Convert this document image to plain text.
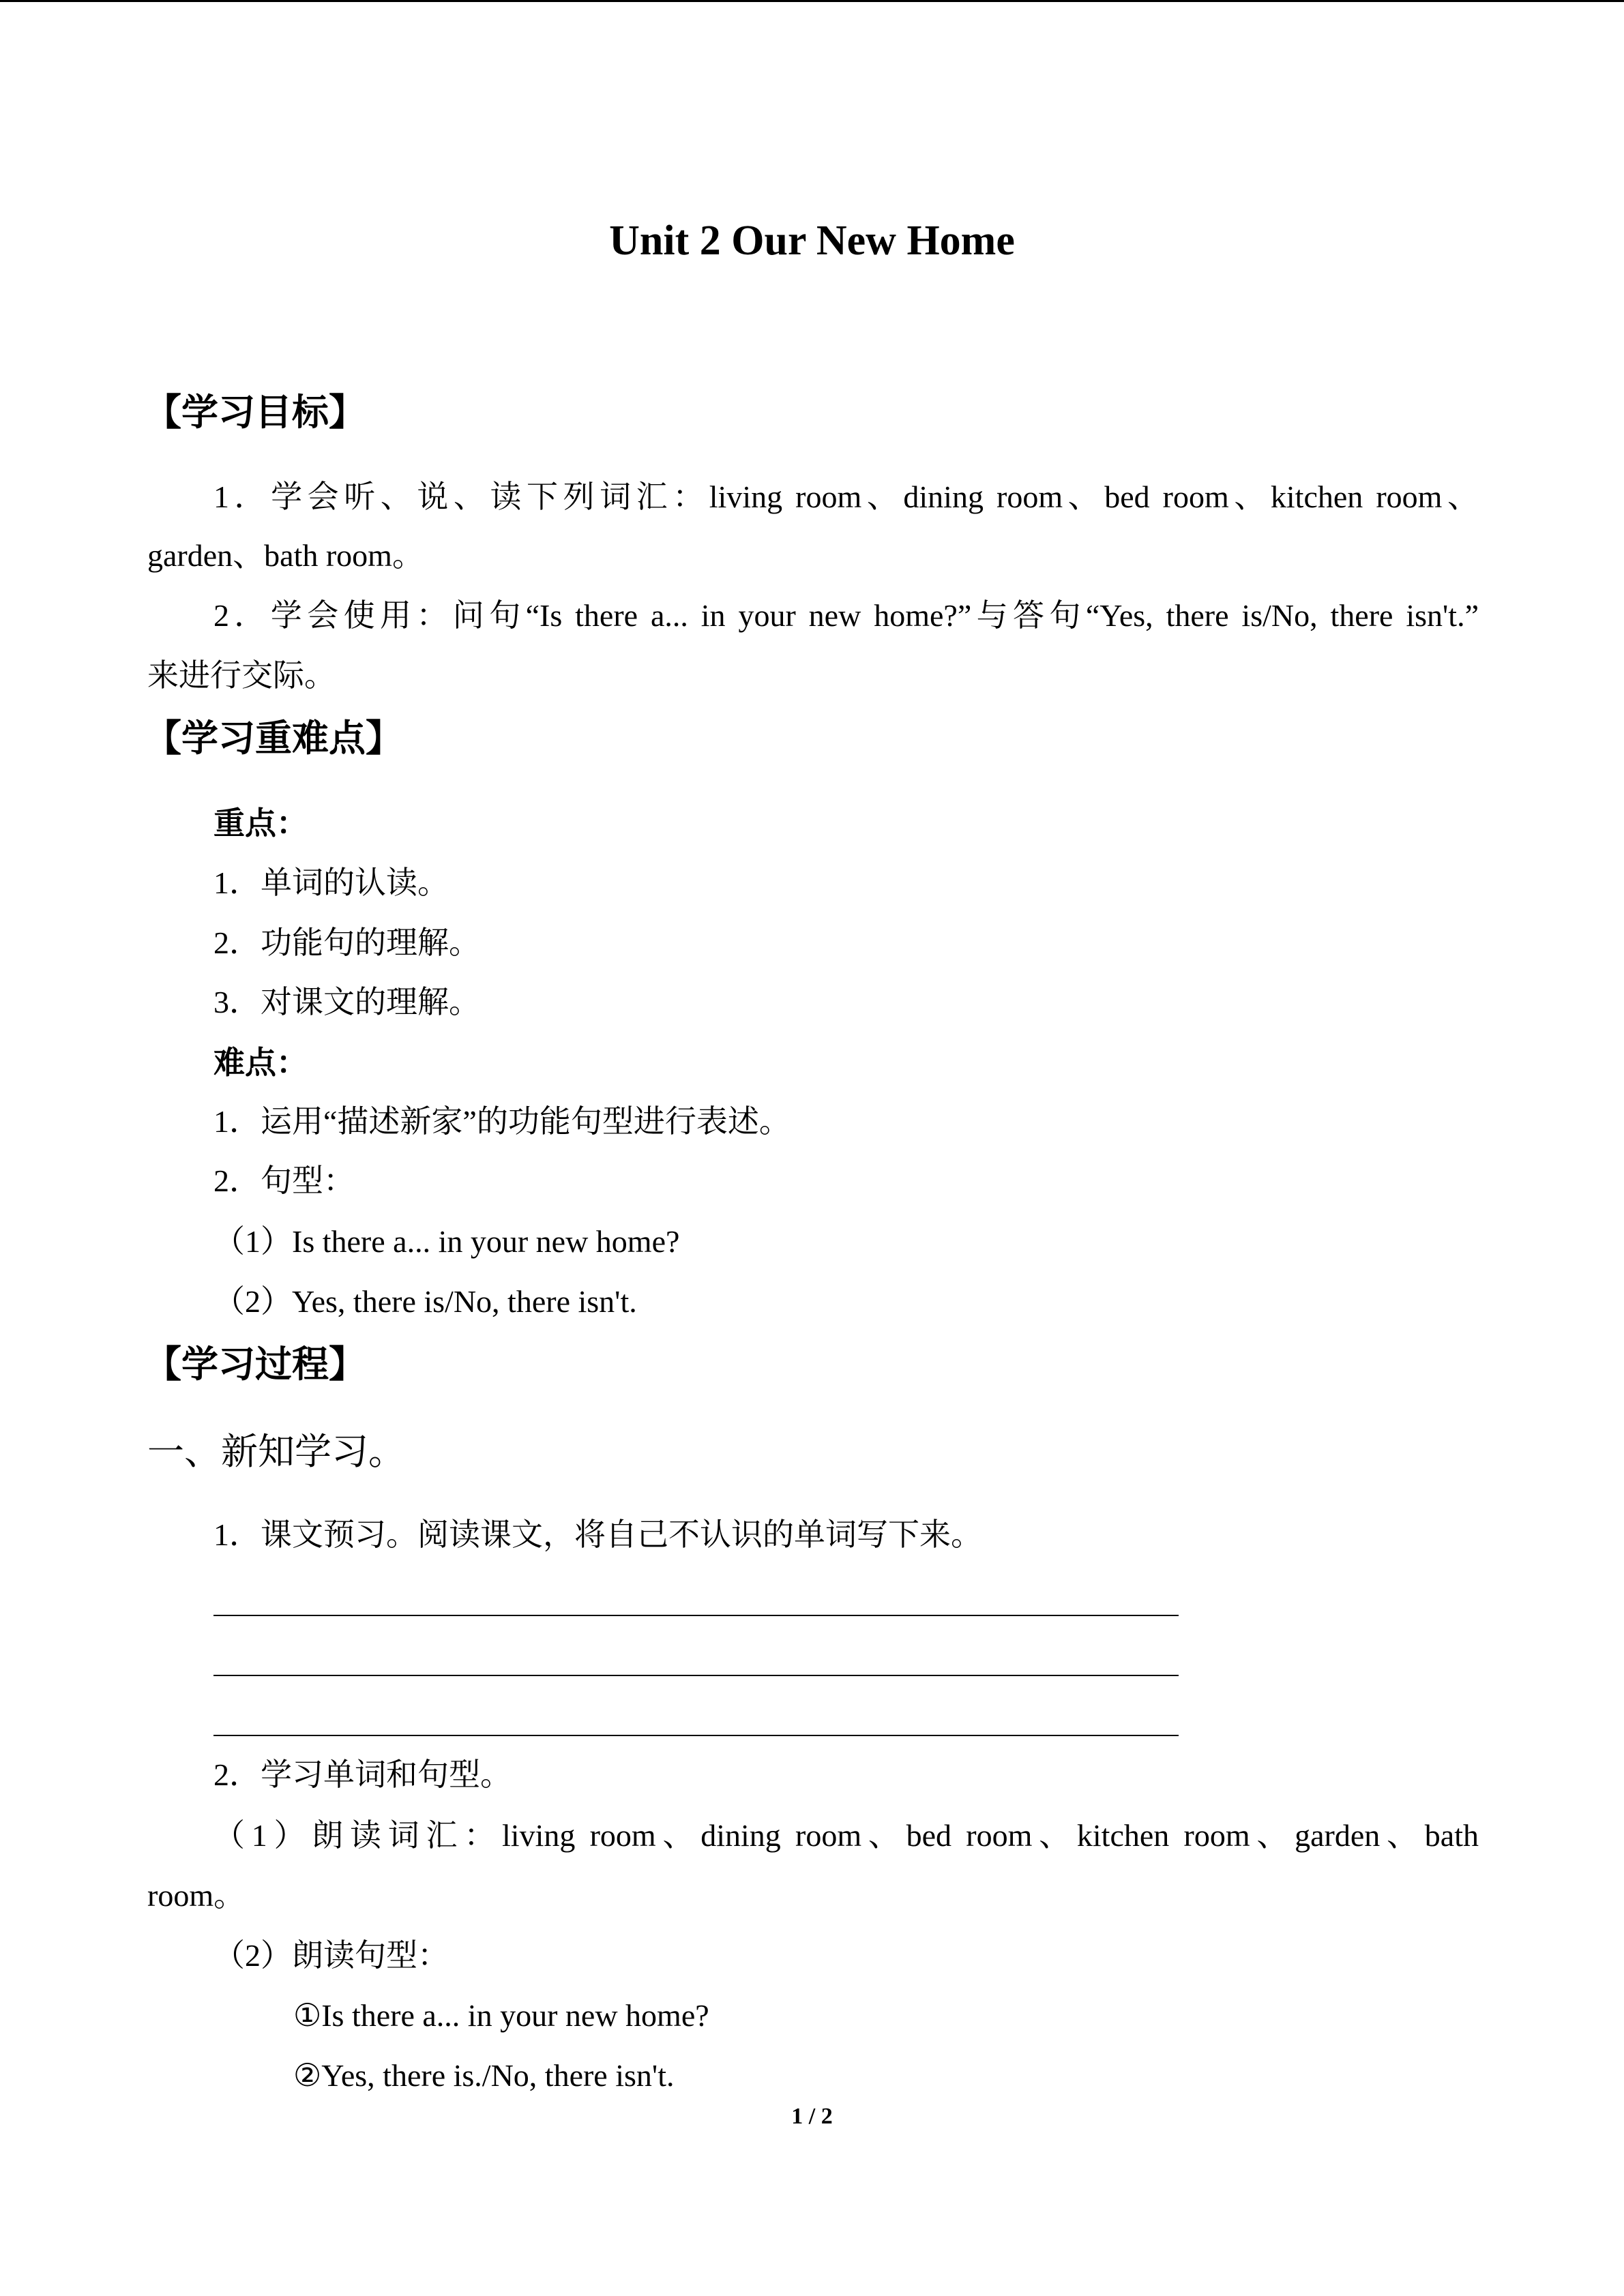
Unit 2 Our New Home
【学习目标】
1．学会听、说、读下列词汇：living room、dining room、bed room、kitchen room、
garden、bath room。
2．学会使用：问句“Is there a... in your new home?”与答句“Yes, there is/No, there isn't.”
来进行交际。
【学习重难点】
重点：
1．单词的认读。
2．功能句的理解。
3．对课文的理解。
难点：
1．运用“描述新家”的功能句型进行表述。
2．句型：
（1）Is there a... in your new home?
（2）Yes, there is/No, there isn't.
【学习过程】
一、新知学习。
1．课文预习。阅读课文，将自己不认识的单词写下来。
2．学习单词和句型。
（1）朗读词汇：living room、dining room、bed room、kitchen room、garden、bath
room。
（2）朗读句型：
①Is there a... in your new home?
②Yes, there is./No, there isn't.
1 / 2
